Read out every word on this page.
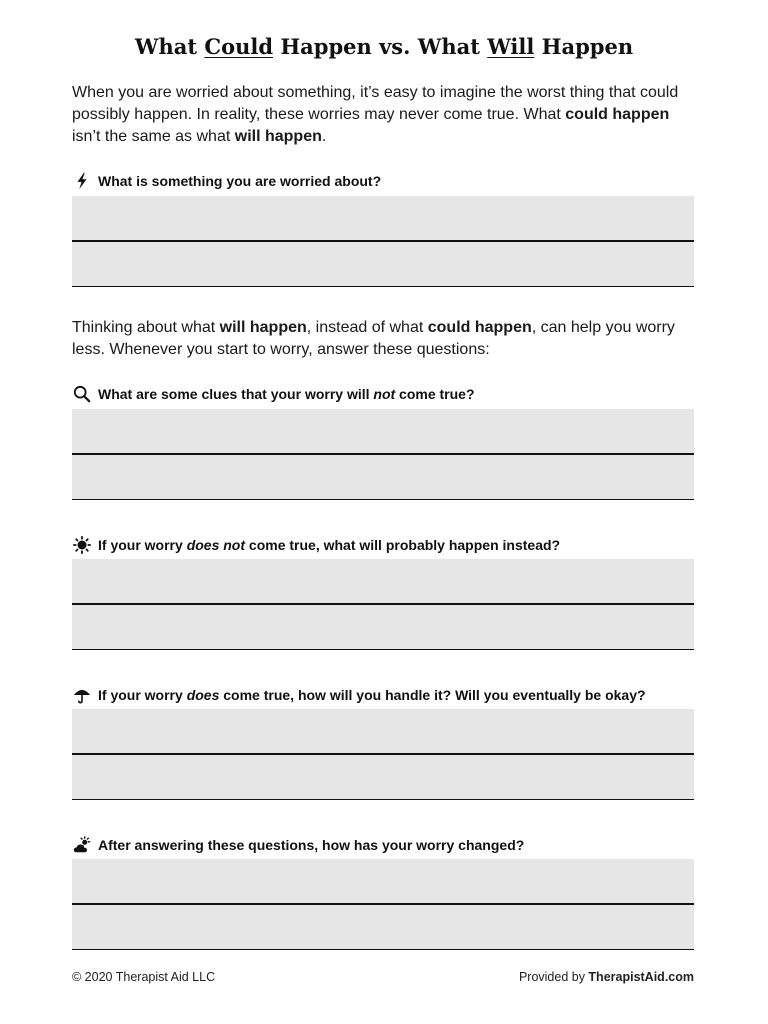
What Could Happen vs. What Will Happen
When you are worried about something, it’s easy to imagine the worst thing that could possibly happen. In reality, these worries may never come true. What could happen isn’t the same as what will happen.
What is something you are worried about?
Thinking about what will happen, instead of what could happen, can help you worry less. Whenever you start to worry, answer these questions:
What are some clues that your worry will not come true?
If your worry does not come true, what will probably happen instead?
If your worry does come true, how will you handle it? Will you eventually be okay?
After answering these questions, how has your worry changed?
© 2020 Therapist Aid LLC	Provided by TherapistAid.com
